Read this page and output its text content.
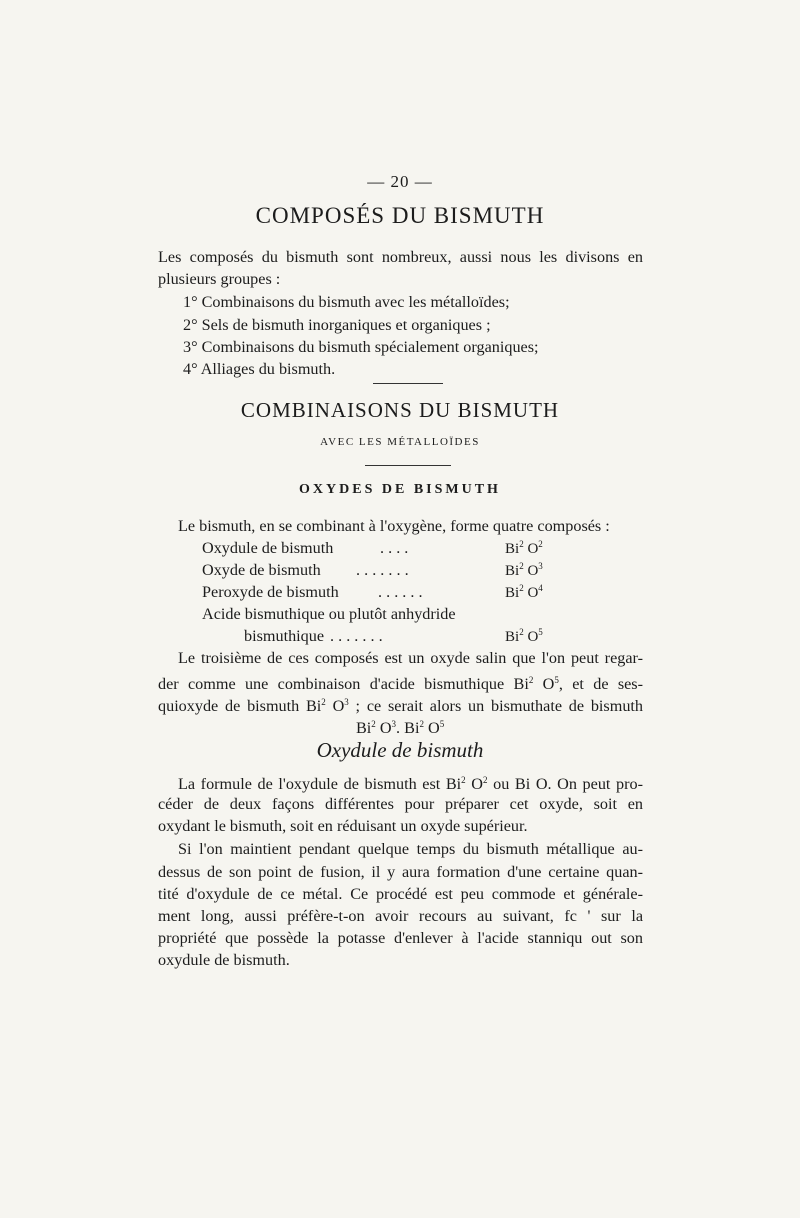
— 20 —
COMPOSÉS DU BISMUTH
Les composés du bismuth sont nombreux, aussi nous les divisons en
plusieurs groupes :
1° Combinaisons du bismuth avec les métalloïdes;
2° Sels de bismuth inorganiques et organiques ;
3° Combinaisons du bismuth spécialement organiques;
4° Alliages du bismuth.
COMBINAISONS DU BISMUTH
AVEC LES MÉTALLOÏDES
OXYDES DE BISMUTH
Le bismuth, en se combinant à l'oxygène, forme quatre composés :
Oxydule de bismuth	. . . .	Bi$^2$ $O^2$
Oxyde de bismuth . . . . . . .	Bi$^2$ $O^3$
Peroxyde de bismuth . . . . . .	Bi$^2$ $O^4$
Acide bismuthique ou plutôt anhydride
bismuthique . . . . . . .	Bi$^2$ $O^5$
Le troisième de ces composés est un oxyde salin que l'on peut regar-
der comme une combinaison d'acide bismuthique Bi$^2$ $O^5$, et de ses-
quioxyde de bismuth Bi$^2$ $O^3$ ; ce serait alors un bismuthate de bismuth
Bi$^2$ $O^3$. Bi$^2$ $O^5$
Oxydule de bismuth
La formule de l'oxydule de bismuth est Bi$^2$ $O^2$ ou Bi O. On peut pro-
céder de deux façons différentes pour préparer cet oxyde, soit en
oxydant le bismuth, soit en réduisant un oxyde supérieur.
Si l'on maintient pendant quelque temps du bismuth métallique au-
dessus de son point de fusion, il y aura formation d'une certaine quan-
tité d'oxydule de ce métal. Ce procédé est peu commode et générale-
ment long, aussi préfère-t-on avoir recours au suivant, fc ' sur la
propriété que possède la potasse d'enlever à l'acide stanniqu out son
oxydule de bismuth.
